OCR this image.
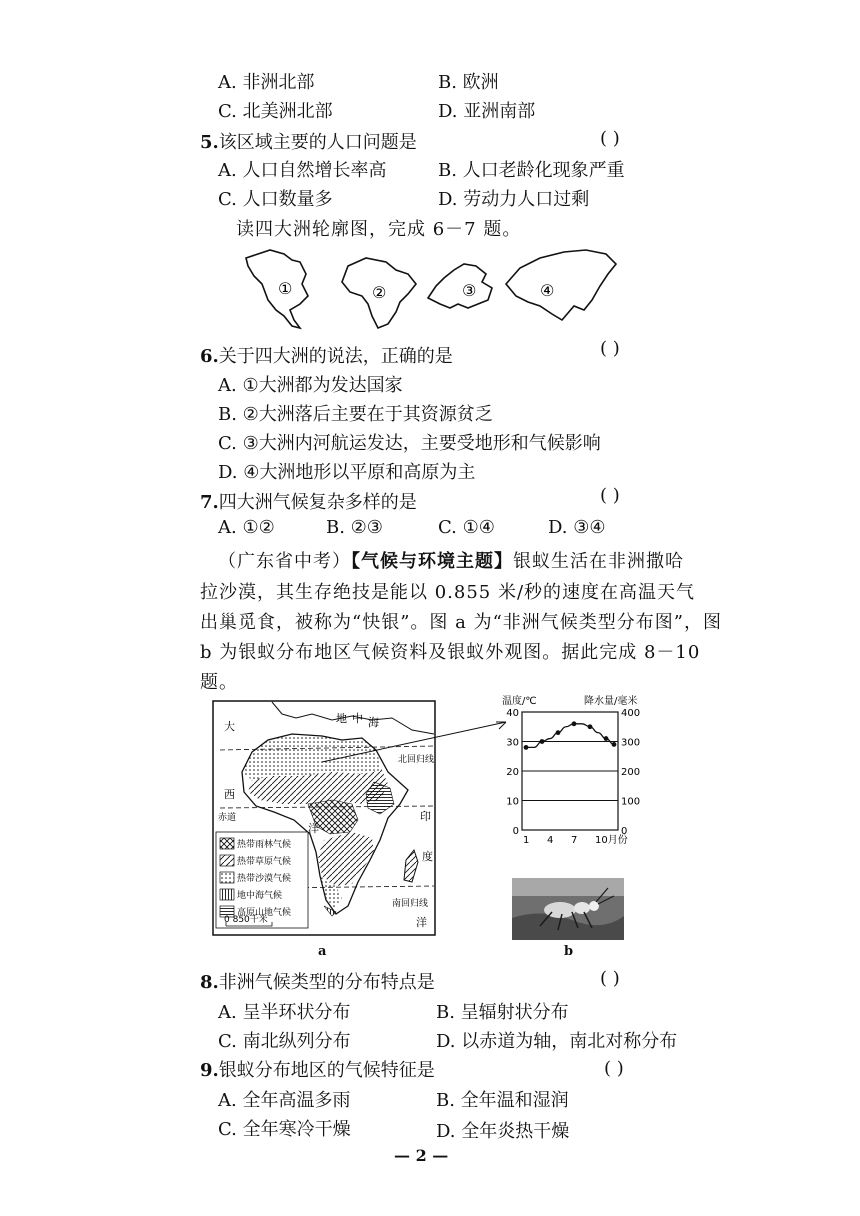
A. 非洲北部	B. 欧洲
C. 北美洲北部	D. 亚洲南部
5.该区域主要的人口问题是	( )
A. 人口自然增长率高	B. 人口老龄化现象严重
C. 人口数量多	D. 劳动力人口过剩
读四大洲轮廓图，完成 6－7 题。
①	②	③	④
6.关于四大洲的说法，正确的是	( )
A. ①大洲都为发达国家
B. ②大洲落后主要在于其资源贫乏
C. ③大洲内河航运发达，主要受地形和气候影响
D. ④大洲地形以平原和高原为主
7.四大洲气候复杂多样的是	( )
A. ①②	B. ②③	C. ①④	D. ③④
（广东省中考）【气候与环境主题】银蚁生活在非洲撒哈
拉沙漠，其生存绝技是能以 0.855 米/秒的速度在高温天气
出巢觅食，被称为“快银”。图 a 为“非洲气候类型分布图”，图
b 为银蚁分布地区气候资料及银蚁外观图。据此完成 8－10
题。
大
西
洋
赤道
地 中 海
北回归线
印
度
南回归线
洋
热带雨林气候
热带草原气候
热带沙漠气候
地中海气候
高原山地气候
0 850千米
a
温度/℃	降水量/毫米
0
10
20
30
40
0
100
200
300
400
1 4 7 10月份
b
8.非洲气候类型的分布特点是	( )
A. 呈半环状分布	B. 呈辐射状分布
C. 南北纵列分布	D. 以赤道为轴，南北对称分布
9.银蚁分布地区的气候特征是	( )
A. 全年高温多雨	B. 全年温和湿润
C. 全年寒冷干燥	D. 全年炎热干燥
— 2 —
